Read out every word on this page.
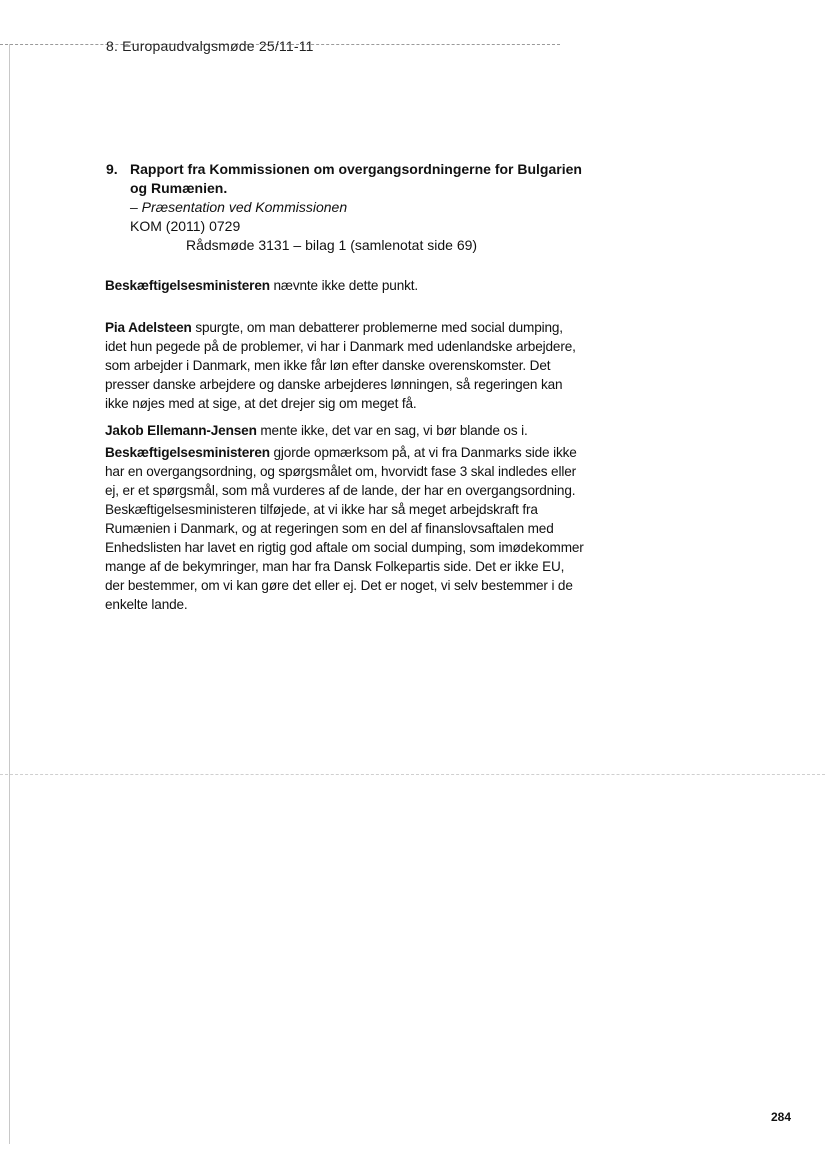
8. Europaudvalgsmøde 25/11-11
9. Rapport fra Kommissionen om overgangsordningerne for Bulgarien
og Rumænien.
– Præsentation ved Kommissionen
KOM (2011) 0729
Rådsmøde 3131 – bilag 1 (samlenotat side 69)
Beskæftigelsesministeren nævnte ikke dette punkt.
Pia Adelsteen spurgte, om man debatterer problemerne med social dumping, idet hun pegede på de problemer, vi har i Danmark med udenlandske arbejdere, som arbejder i Danmark, men ikke får løn efter danske overenskomster. Det presser danske arbejdere og danske arbejderes lønningen, så regeringen kan ikke nøjes med at sige, at det drejer sig om meget få.
Jakob Ellemann-Jensen mente ikke, det var en sag, vi bør blande os i.
Beskæftigelsesministeren gjorde opmærksom på, at vi fra Danmarks side ikke har en overgangsordning, og spørgsmålet om, hvorvidt fase 3 skal indledes eller ej, er et spørgsmål, som må vurderes af de lande, der har en overgangsordning. Beskæftigelsesministeren tilføjede, at vi ikke har så meget arbejdskraft fra Rumænien i Danmark, og at regeringen som en del af finanslovsaftalen med Enhedslisten har lavet en rigtig god aftale om social dumping, som imødekommer mange af de bekymringer, man har fra Dansk Folkepartis side. Det er ikke EU, der bestemmer, om vi kan gøre det eller ej. Det er noget, vi selv bestemmer i de enkelte lande.
284
